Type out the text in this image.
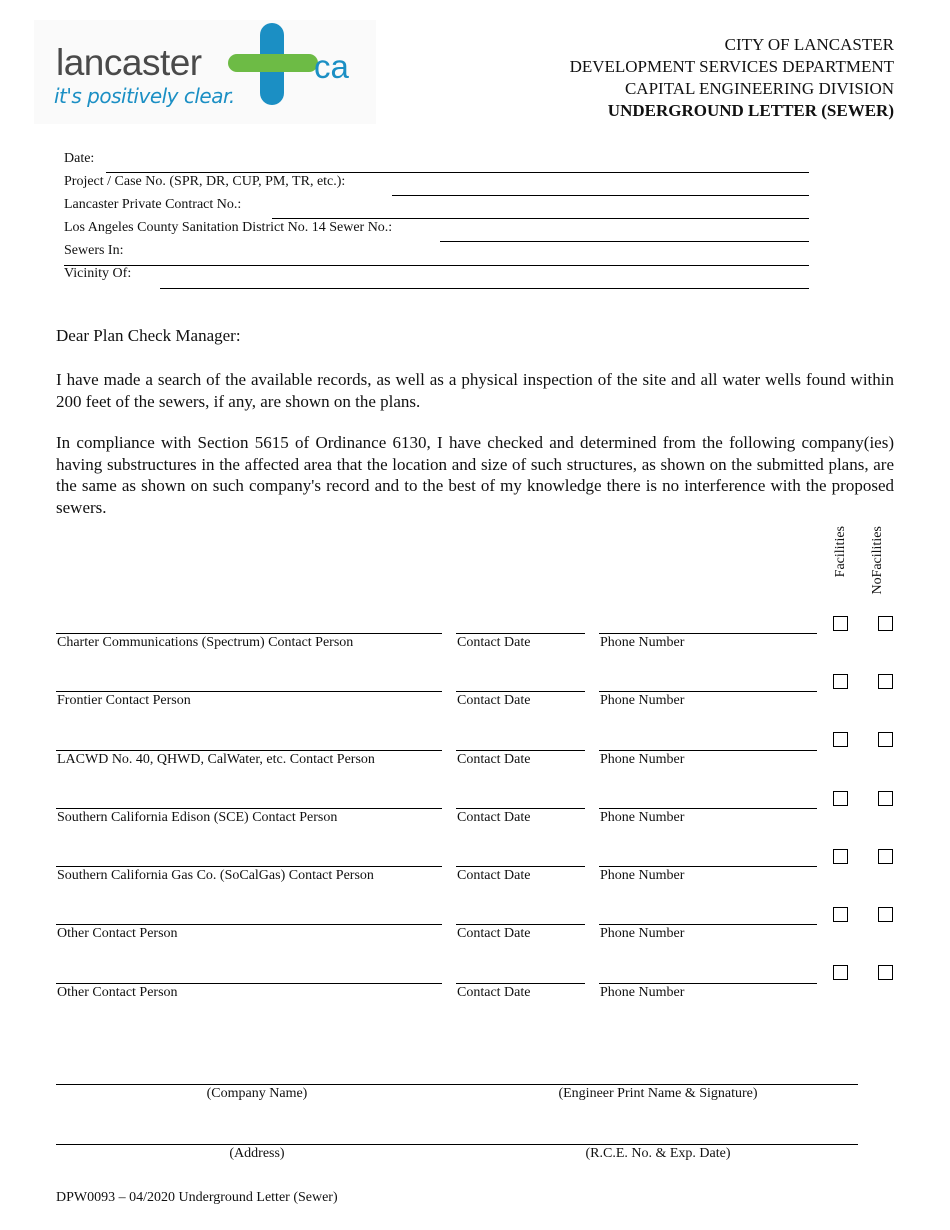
lancaster	ca
it's positively clear.
CITY OF LANCASTER
DEVELOPMENT SERVICES DEPARTMENT
CAPITAL ENGINEERING DIVISION
UNDERGROUND LETTER (SEWER)
Date:
Project / Case No. (SPR, DR, CUP, PM, TR, etc.):
Lancaster Private Contract No.:
Los Angeles County Sanitation District No. 14 Sewer No.:
Sewers In:
Vicinity Of:
Dear Plan Check Manager:
I have made a search of the available records, as well as a physical inspection of the site and all water wells found within 200 feet of the sewers, if any, are shown on the plans.
In compliance with Section 5615 of Ordinance 6130, I have checked and determined from the following company(ies) having substructures in the affected area that the location and size of such structures, as shown on the submitted plans, are the same as shown on such company's record and to the best of my knowledge there is no interference with the proposed sewers.
Facilities
No
Facilities
Charter Communications (Spectrum) Contact Person	Contact Date	Phone Number
Frontier Contact Person	Contact Date	Phone Number
LACWD No. 40, QHWD, CalWater, etc. Contact Person	Contact Date	Phone Number
Southern California Edison (SCE) Contact Person	Contact Date	Phone Number
Southern California Gas Co. (SoCalGas) Contact Person	Contact Date	Phone Number
Other Contact Person	Contact Date	Phone Number
Other Contact Person	Contact Date	Phone Number
(Company Name)	(Engineer Print Name & Signature)
(Address)	(R.C.E. No. & Exp. Date)
DPW0093 – 04/2020 Underground Letter (Sewer)
